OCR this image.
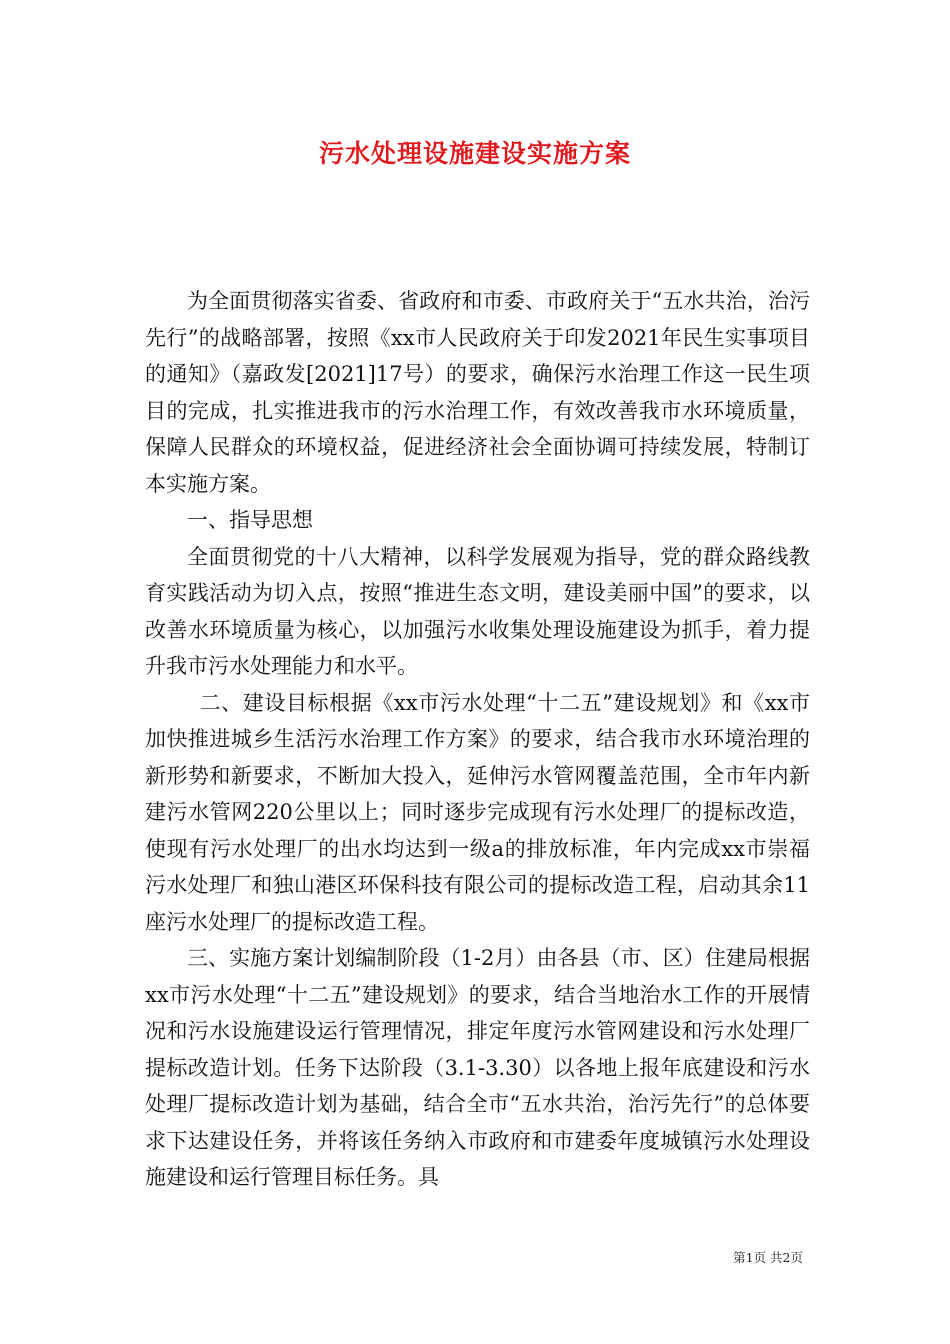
污水处理设施建设实施方案

为全面贯彻落实省委、省政府和市委、市政府关于“五水共治，治污先行”的战略部署，按照《xx市人民政府关于印发2021年民生实事项目的通知》（嘉政发[2021]17号）的要求，确保污水治理工作这一民生项目的完成，扎实推进我市的污水治理工作，有效改善我市水环境质量，保障人民群众的环境权益，促进经济社会全面协调可持续发展，特制订本实施方案。

一、指导思想

全面贯彻党的十八大精神，以科学发展观为指导，党的群众路线教育实践活动为切入点，按照“推进生态文明，建设美丽中国”的要求，以改善水环境质量为核心，以加强污水收集处理设施建设为抓手，着力提升我市污水处理能力和水平。

二、建设目标根据《xx市污水处理“十二五”建设规划》和《xx市加快推进城乡生活污水治理工作方案》的要求，结合我市水环境治理的新形势和新要求，不断加大投入，延伸污水管网覆盖范围，全市年内新建污水管网220公里以上；同时逐步完成现有污水处理厂的提标改造，使现有污水处理厂的出水均达到一级a的排放标准，年内完成xx市崇福污水处理厂和独山港区环保科技有限公司的提标改造工程，启动其余11座污水处理厂的提标改造工程。

三、实施方案计划编制阶段（1-2月）由各县（市、区）住建局根据xx市污水处理“十二五”建设规划》的要求，结合当地治水工作的开展情况和污水设施建设运行管理情况，排定年度污水管网建设和污水处理厂提标改造计划。任务下达阶段（3.1-3.30）以各地上报年底建设和污水处理厂提标改造计划为基础，结合全市“五水共治，治污先行”的总体要求下达建设任务，并将该任务纳入市政府和市建委年度城镇污水处理设施建设和运行管理目标任务。具

第1页 共2页
